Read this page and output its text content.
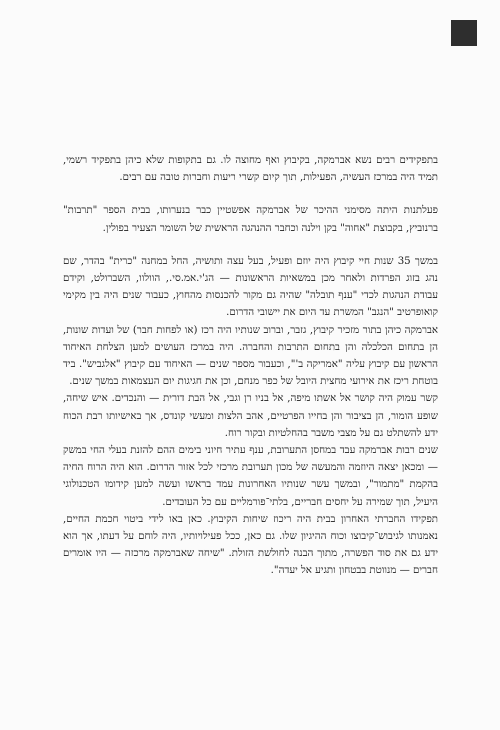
בתפקידים רבים נשא אברמקה, בקיבוץ ואף מחוצה לו. גם בתקופות שלא כיהן בתפקיד רשמי, תמיד היה במרכז העשיה, הפעילות, תוך קיום קשרי ריעות וחברות טובה עם רבים.

פעלתנות היתה מסימני ההיכר של אברמקה אפשטיין כבר בנערותו, בבית הספר "תרבות" ברנוביץ, בקבוצת "אחוה" בקן וילנה וכחבר ההנהגה הראשית של השומר הצעיר בפולין.

במשך 35 שנות חיי קיבוץ היה יוזם ופעיל, בעל עצה ותושיה, החל במחנה "כרית" בהדר, שם נהג בזוג הפרדות ולאחר מכן במשאיות הראשונות — הג'י.אמ.סי., הוולוו, השברולט, וקידם עבודת הנהגות לכדי "ענף תובלה" שהיה גם מקור להכנסות מהחוץ, כעבור שנים היה בין מקימי קואופרטיב "הנגב" המשרת עד היום את יישובי הדרום.

אברמקה כיהן בתור מזכיר קיבוץ, גזבר, וברוב שנותיו היה רכז (או לפחות חבר) של ועדות שונות, הן בתחום הכלכלה והן בתחום התרבות והחברה. היה במרכז העושים למען הצלחת האיחוד הראשון עם קיבוץ עליה "אמריקה ב'", וכעבור מספר שנים — האיחוד עם קיבוץ "אלגביש". ביד בוטחת ריכז את אירועי מחצית היובל של כפר מנחם, וכן את חגיגות יום העצמאות במשך שנים.

קשר עמוק היה קושר אל אשתו מיפה, אל בניו רן וגבי, אל הבת דורית — והנכדים. איש שיחה, שופע הומור, הן בציבור והן בחייו הפרטיים, אהב הלצות ומעשי קונדס, אך באישיותו רבת הכוח ידע להשתלט גם על מצבי משבר בהחלטיות ובקור רוח.

שנים רבות אברמקה עבד במחסן התערובת, ענף עתיר חיוני בימים ההם להזנת בעלי החי במשק — ומכאן יצאה היוזמה והמעשה של מכון תערובת מרכזי לכל אזור הדרום. הוא היה הרוח החיה בהקמת "מתמור", ובמשך עשר שנותיו האחרונות עמד בראשו ועשה למען קידומו הטכנולוגי היעיל, תוך שמירה על יחסים חבריים, בלתי־פורמליים עם כל העובדים.

תפקידו החברתי האחרון בבית היה ריכוז שיחות הקיבוץ. כאן באו לידי ביטוי חכמת החיים, נאמנותו לגיבוש־קיבוצו וכוח ההיגיון שלו. גם כאן, ככל פעילויותיו, היה לוחם על דעתו, אך הוא ידע גם את סוד הפשרה, מתוך הבנה לחולשת הזולת. "שיחה שאברמקה מרכזה — היו אומרים חברים — מנווטת בבטחון ותגיע אל יעדה".
